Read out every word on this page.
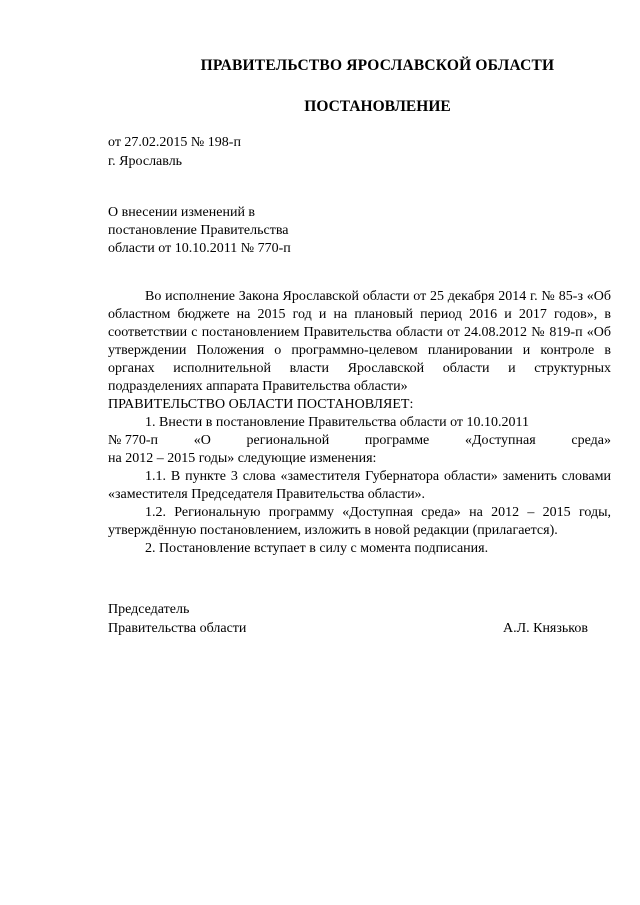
ПРАВИТЕЛЬСТВО ЯРОСЛАВСКОЙ ОБЛАСТИ
ПОСТАНОВЛЕНИЕ
от 27.02.2015 № 198-п
г. Ярославль
О внесении изменений в
постановление Правительства
области от 10.10.2011 № 770-п

Во исполнение Закона Ярославской области от 25 декабря 2014 г. № 85-з «Об областном бюджете на 2015 год и на плановый период 2016 и 2017 годов», в соответствии с постановлением Правительства области от 24.08.2012 № 819-п «Об утверждении Положения о программно-целевом планировании и контроле в органах исполнительной власти Ярославской области и структурных подразделениях аппарата Правительства области»

ПРАВИТЕЛЬСТВО ОБЛАСТИ ПОСТАНОВЛЯЕТ:

1. Внести в постановление Правительства области от 10.10.2011

№ 770-п	«О	региональной	программе	«Доступная	среда»

на 2012 – 2015 годы» следующие изменения:

1.1. В пункте 3 слова «заместителя Губернатора области» заменить словами «заместителя Председателя Правительства области».

1.2. Региональную программу «Доступная среда» на 2012 – 2015 годы, утверждённую постановлением, изложить в новой редакции (прилагается).

2. Постановление вступает в силу с момента подписания.

Председатель
Правительства области	А.Л. Князьков
